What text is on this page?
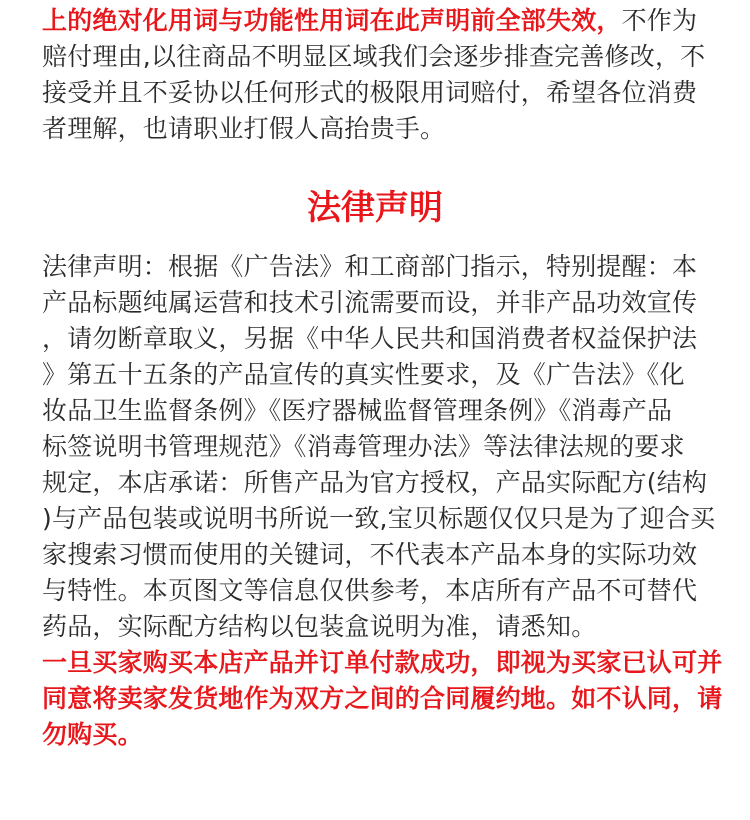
上的绝对化用词与功能性用词在此声明前全部失效，不作为
赔付理由,以往商品不明显区域我们会逐步排查完善修改，不
接受并且不妥协以任何形式的极限用词赔付，希望各位消费
者理解，也请职业打假人高抬贵手。
法律声明
法律声明：根据《广告法》和工商部门指示，特别提醒：本
产品标题纯属运营和技术引流需要而设，并非产品功效宣传
，请勿断章取义，另据《中华人民共和国消费者权益保护法
》第五十五条的产品宣传的真实性要求，及《广告法》《化
妆品卫生监督条例》《医疗器械监督管理条例》《消毒产品
标签说明书管理规范》《消毒管理办法》等法律法规的要求
规定，本店承诺：所售产品为官方授权，产品实际配方(结构
)与产品包装或说明书所说一致,宝贝标题仅仅只是为了迎合买
家搜索习惯而使用的关键词，不代表本产品本身的实际功效
与特性。本页图文等信息仅供参考，本店所有产品不可替代
药品，实际配方结构以包装盒说明为准，请悉知。
一旦买家购买本店产品并订单付款成功，即视为买家已认可并
同意将卖家发货地作为双方之间的合同履约地。如不认同，请
勿购买。
